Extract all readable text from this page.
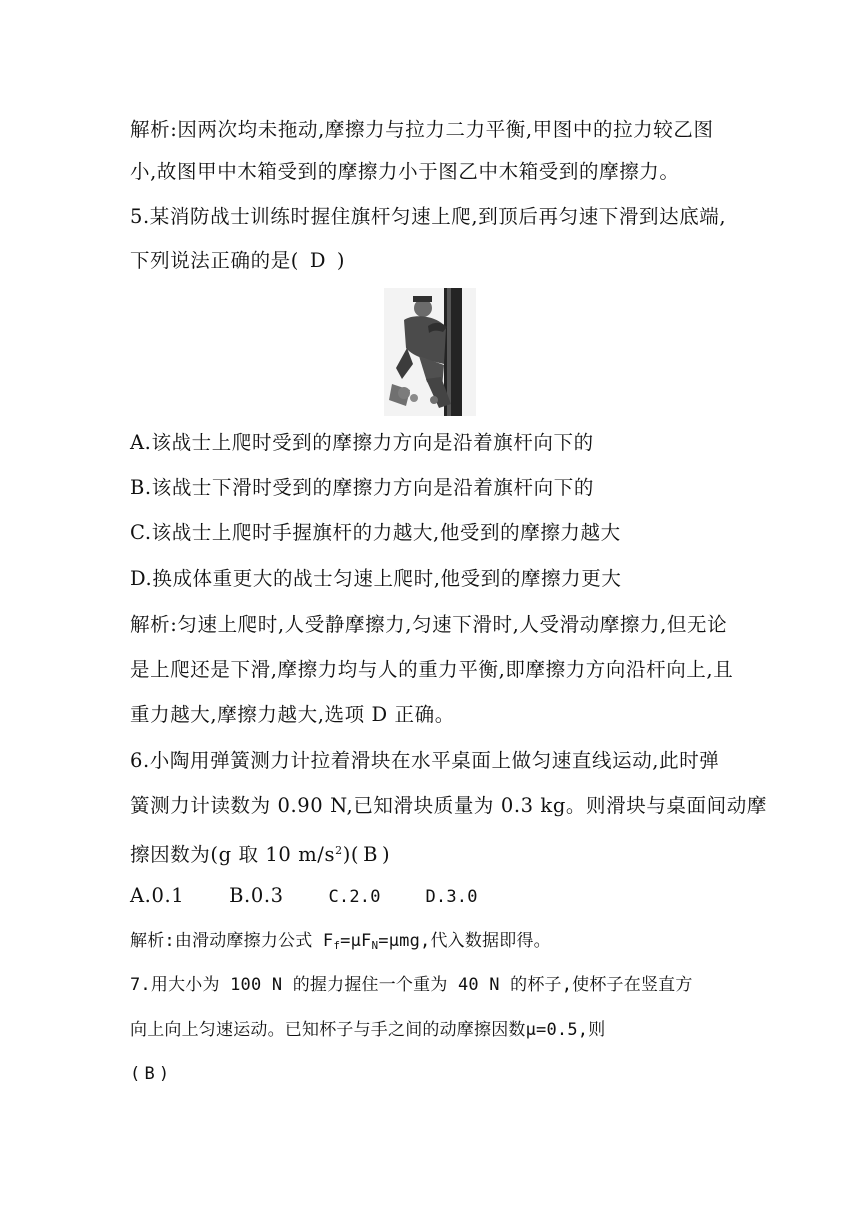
解析:因两次均未拖动,摩擦力与拉力二力平衡,甲图中的拉力较乙图
小,故图甲中木箱受到的摩擦力小于图乙中木箱受到的摩擦力。
5.某消防战士训练时握住旗杆匀速上爬,到顶后再匀速下滑到达底端,
下列说法正确的是( D )
A.该战士上爬时受到的摩擦力方向是沿着旗杆向下的
B.该战士下滑时受到的摩擦力方向是沿着旗杆向下的
C.该战士上爬时手握旗杆的力越大,他受到的摩擦力越大
D.换成体重更大的战士匀速上爬时,他受到的摩擦力更大
解析:匀速上爬时,人受静摩擦力,匀速下滑时,人受滑动摩擦力,但无论
是上爬还是下滑,摩擦力均与人的重力平衡,即摩擦力方向沿杆向上,且
重力越大,摩擦力越大,选项 D 正确。
6.小陶用弹簧测力计拉着滑块在水平桌面上做匀速直线运动,此时弹
簧测力计读数为 0.90 N,已知滑块质量为 0.3 kg。则滑块与桌面间动摩
擦因数为(g 取 10 $m/s^2$)( B )
A.0.1 B.0.3	C.2.0	D.3.0
解析:由滑动摩擦力公式 $F_f=\mu F_N=\mu mg$,代入数据即得。
7.用大小为 100 N 的握力握住一个重为 40 N 的杯子,使杯子在竖直方
向上向上匀速运动。已知杯子与手之间的动摩擦因数μ=0.5,则
( B )
